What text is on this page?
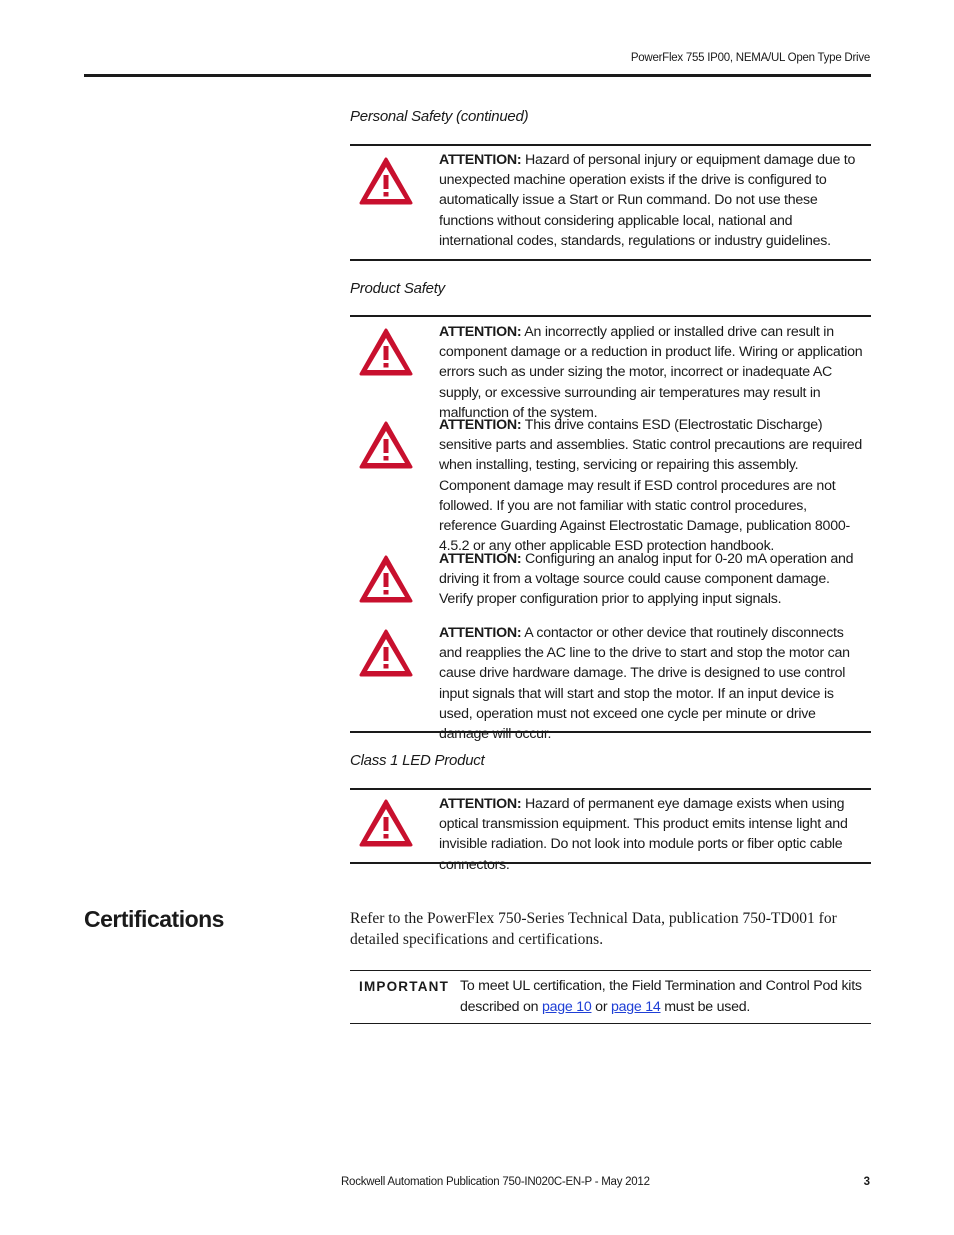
PowerFlex 755 IP00, NEMA/UL Open Type Drive
Personal Safety (continued)
ATTENTION: Hazard of personal injury or equipment damage due to unexpected machine operation exists if the drive is configured to automatically issue a Start or Run command. Do not use these functions without considering applicable local, national and international codes, standards, regulations or industry guidelines.
Product Safety
ATTENTION: An incorrectly applied or installed drive can result in component damage or a reduction in product life. Wiring or application errors such as under sizing the motor, incorrect or inadequate AC supply, or excessive surrounding air temperatures may result in malfunction of the system.
ATTENTION: This drive contains ESD (Electrostatic Discharge) sensitive parts and assemblies. Static control precautions are required when installing, testing, servicing or repairing this assembly. Component damage may result if ESD control procedures are not followed. If you are not familiar with static control procedures, reference Guarding Against Electrostatic Damage, publication 8000-4.5.2 or any other applicable ESD protection handbook.
ATTENTION: Configuring an analog input for 0-20 mA operation and driving it from a voltage source could cause component damage. Verify proper configuration prior to applying input signals.
ATTENTION: A contactor or other device that routinely disconnects and reapplies the AC line to the drive to start and stop the motor can cause drive hardware damage. The drive is designed to use control input signals that will start and stop the motor. If an input device is used, operation must not exceed one cycle per minute or drive damage will occur.
Class 1 LED Product
ATTENTION: Hazard of permanent eye damage exists when using optical transmission equipment. This product emits intense light and invisible radiation. Do not look into module ports or fiber optic cable connectors.
Certifications	Refer to the PowerFlex 750-Series Technical Data, publication 750-TD001 for detailed specifications and certifications.
IMPORTANT To meet UL certification, the Field Termination and Control Pod kits described on page 10 or page 14 must be used.
Rockwell Automation Publication 750-IN020C-EN-P - May 2012	3
